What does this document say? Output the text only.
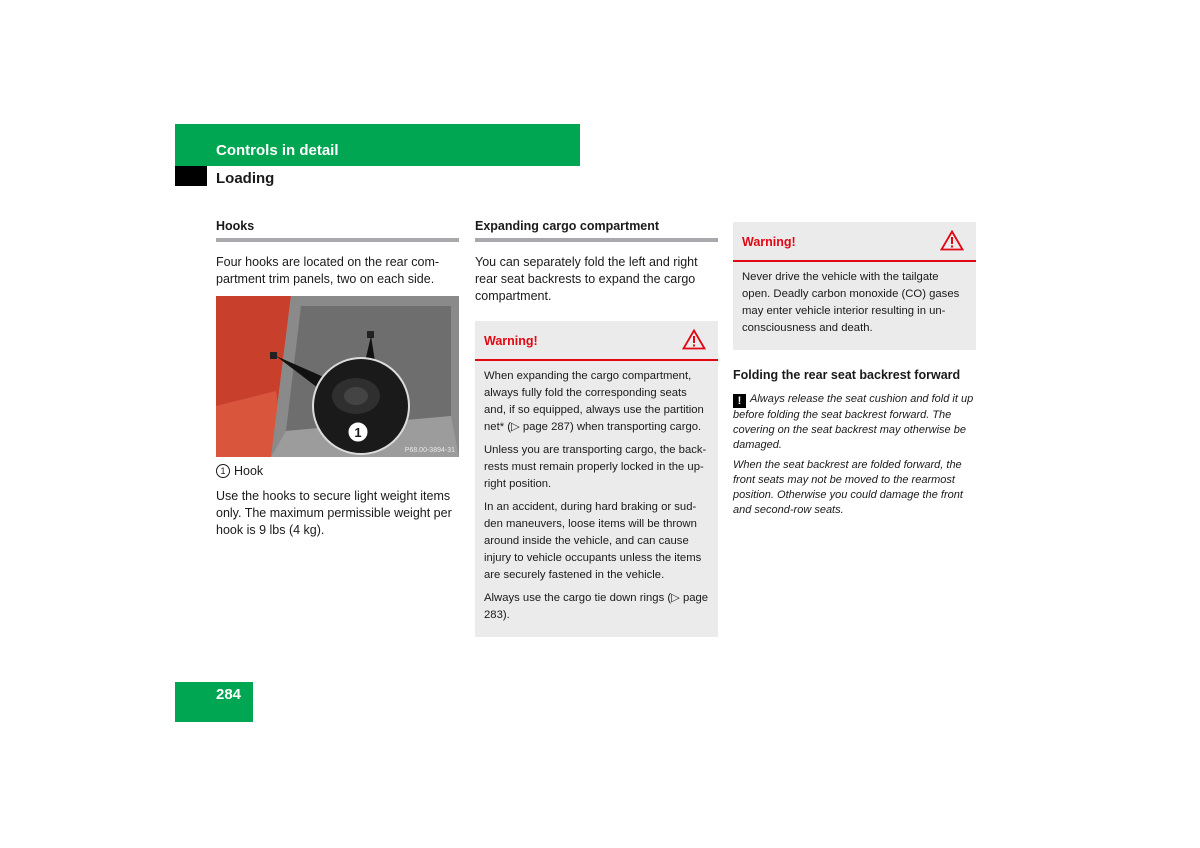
Controls in detail
Loading
Hooks

Four hooks are located on the rear com-partment trim panels, two on each side.

1
P68.00-3894-31

1 Hook

Use the hooks to secure light weight items only. The maximum permissible weight per hook is 9 lbs (4 kg).

Expanding cargo compartment

You can separately fold the left and right rear seat backrests to expand the cargo compartment.

Warning!

When expanding the cargo compartment, always fully fold the corresponding seats and, if so equipped, always use the partition net* (▷ page 287) when transporting cargo.

Unless you are transporting cargo, the back-rests must remain properly locked in the up-right position.

In an accident, during hard braking or sud-den maneuvers, loose items will be thrown around inside the vehicle, and can cause injury to vehicle occupants unless the items are securely fastened in the vehicle.

Always use the cargo tie down rings (▷ page 283).

Warning!

Never drive the vehicle with the tailgate open. Deadly carbon monoxide (CO) gases may enter vehicle interior resulting in un-consciousness and death.

Folding the rear seat backrest forward

! Always release the seat cushion and fold it up before folding the seat backrest forward. The covering on the seat backrest may otherwise be damaged.

When the seat backrest are folded forward, the front seats may not be moved to the rearmost position. Otherwise you could damage the front and second-row seats.

284
